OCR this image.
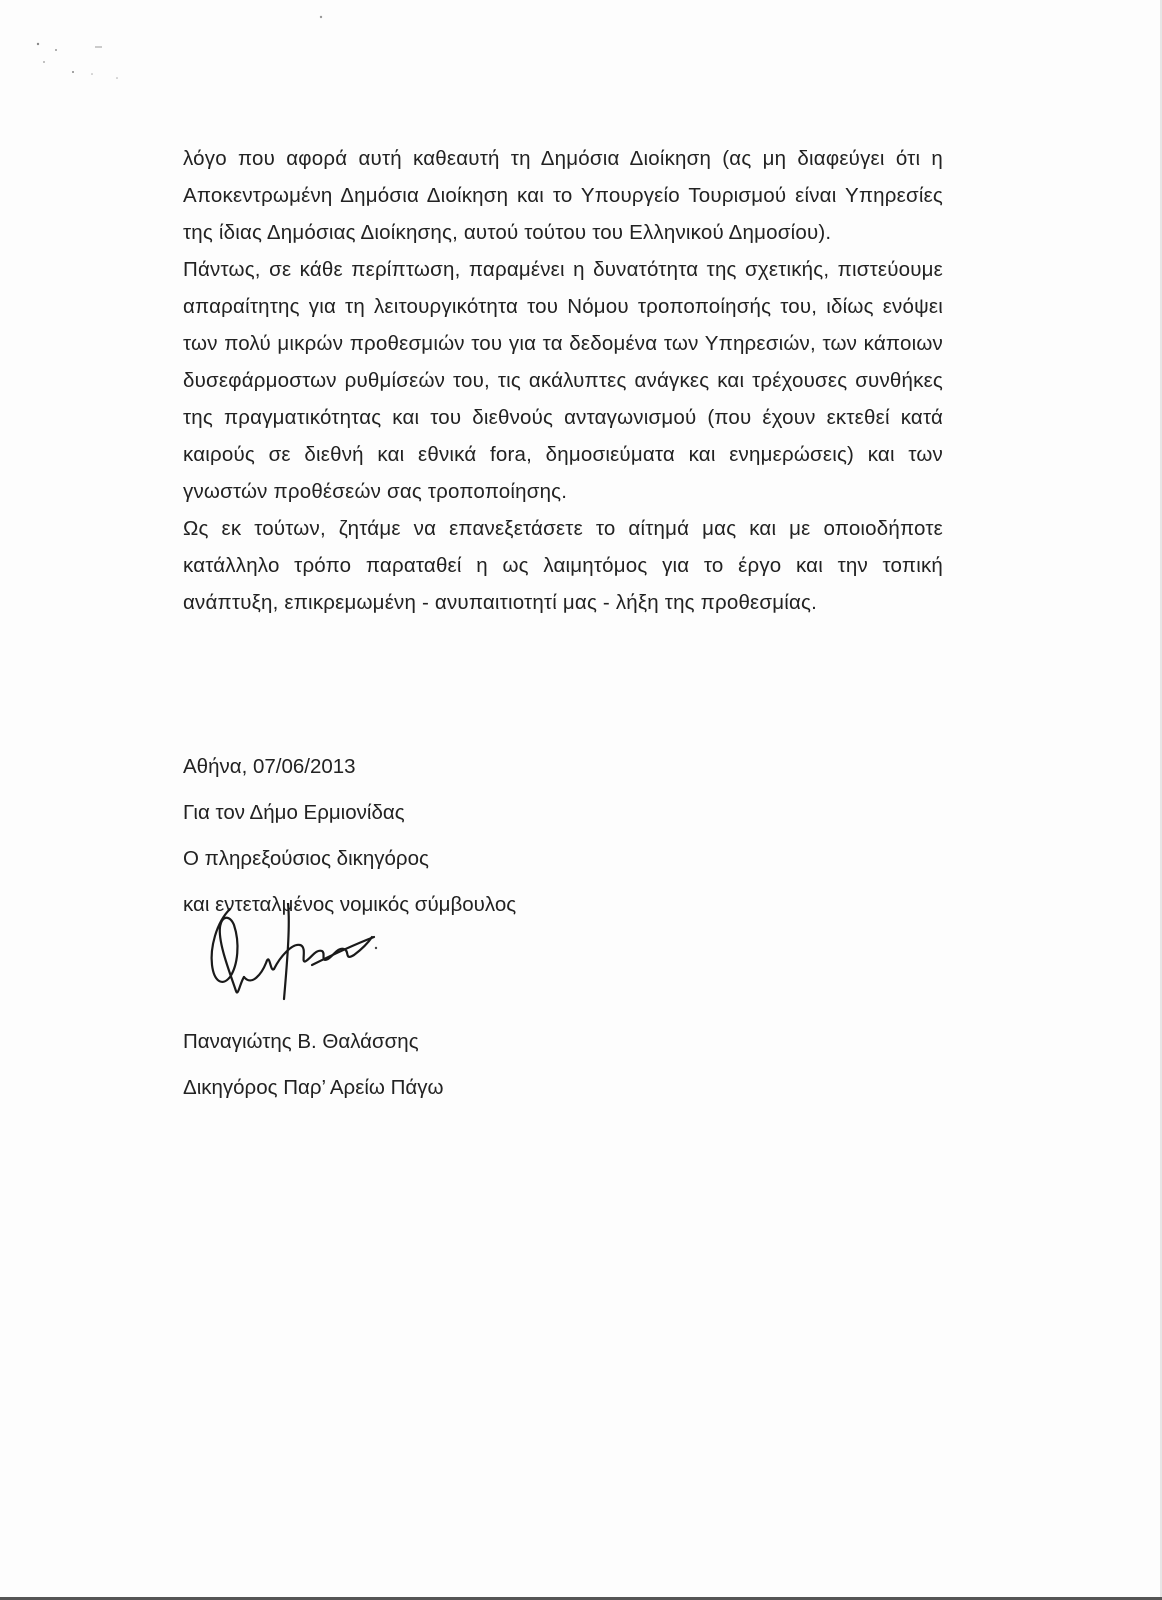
λόγο που αφορά αυτή καθεαυτή τη Δημόσια Διοίκηση (ας μη διαφεύγει ότι η Αποκεντρωμένη Δημόσια Διοίκηση και το Υπουργείο Τουρισμού είναι Υπηρεσίες της ίδιας Δημόσιας Διοίκησης, αυτού τούτου του Ελληνικού Δημοσίου).

Πάντως, σε κάθε περίπτωση, παραμένει η δυνατότητα της σχετικής, πιστεύουμε απαραίτητης για τη λειτουργικότητα του Νόμου τροποποίησής του, ιδίως ενόψει των πολύ μικρών προθεσμιών του για τα δεδομένα των Υπηρεσιών, των κάποιων δυσεφάρμοστων ρυθμίσεών του, τις ακάλυπτες ανάγκες και τρέχουσες συνθήκες της πραγματικότητας και του διεθνούς ανταγωνισμού (που έχουν εκτεθεί κατά καιρούς σε διεθνή και εθνικά fora, δημοσιεύματα και ενημερώσεις) και των γνωστών προθέσεών σας τροποποίησης.

Ως εκ τούτων, ζητάμε να επανεξετάσετε το αίτημά μας και με οποιοδήποτε κατάλληλο τρόπο παραταθεί η ως λαιμητόμος για το έργο και την τοπική ανάπτυξη, επικρεμωμένη - ανυπαιτιοτητί μας - λήξη της προθεσμίας.

Αθήνα, 07/06/2013
Για τον Δήμο Ερμιονίδας
Ο πληρεξούσιος δικηγόρος
και εντεταλμένος νομικός σύμβουλος
Παναγιώτης Β. Θαλάσσης
Δικηγόρος Παρ’ Αρείω Πάγω
